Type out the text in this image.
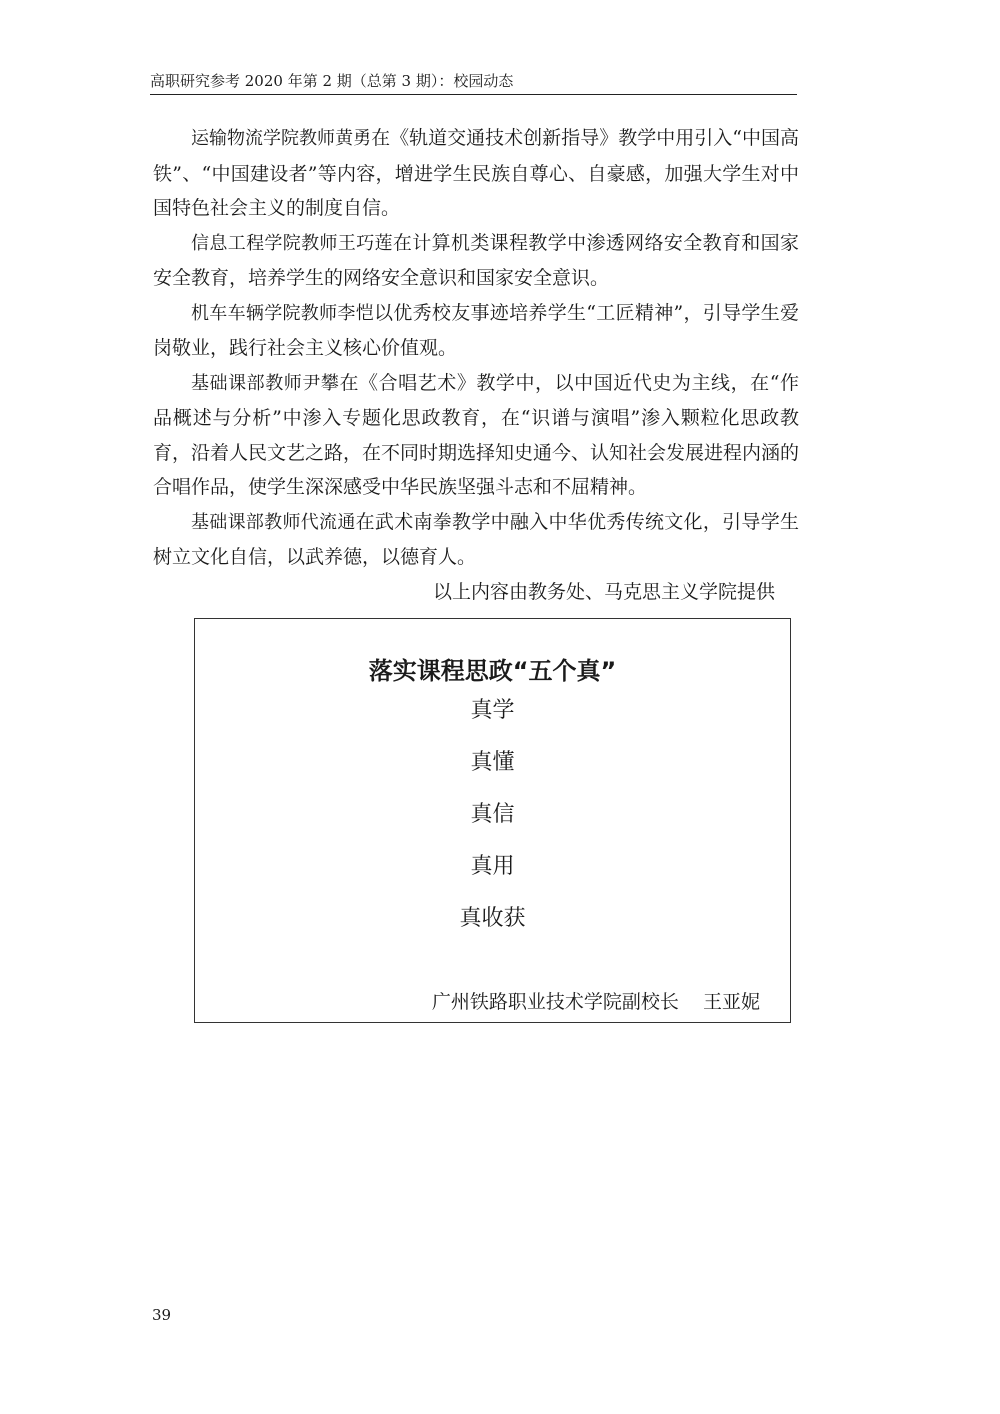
高职研究参考 2020 年第 2 期（总第 3 期）：校园动态

运输物流学院教师黄勇在《轨道交通技术创新指导》教学中用引入“中国高铁”、“中国建设者”等内容，增进学生民族自尊心、自豪感，加强大学生对中国特色社会主义的制度自信。

信息工程学院教师王巧莲在计算机类课程教学中渗透网络安全教育和国家安全教育，培养学生的网络安全意识和国家安全意识。

机车车辆学院教师李恺以优秀校友事迹培养学生“工匠精神”，引导学生爱岗敬业，践行社会主义核心价值观。

基础课部教师尹攀在《合唱艺术》教学中，以中国近代史为主线，在“作品概述与分析”中渗入专题化思政教育，在“识谱与演唱”渗入颗粒化思政教育，沿着人民文艺之路，在不同时期选择知史通今、认知社会发展进程内涵的合唱作品，使学生深深感受中华民族坚强斗志和不屈精神。

基础课部教师代流通在武术南拳教学中融入中华优秀传统文化，引导学生树立文化自信，以武养德，以德育人。

以上内容由教务处、马克思主义学院提供

落实课程思政“五个真”
真学
真懂
真信
真用
真收获
广州铁路职业技术学院副校长    王亚妮
39
